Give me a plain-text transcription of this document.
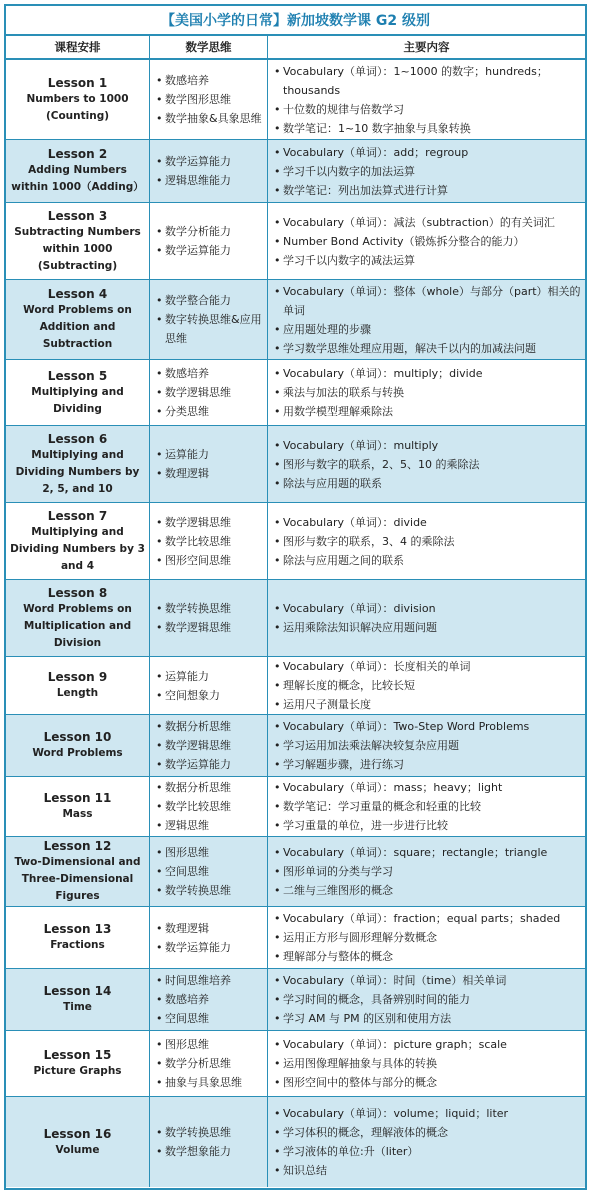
【美国小学的日常】新加坡数学课 G2 级别
课程安排	数学思维	主要内容
Lesson 1
Numbers to 1000 (Counting)
• 数感培养
• 数学图形思维
• 数学抽象&具象思维
• Vocabulary（单词）：1~1000 的数字；hundreds；thousands
• 十位数的规律与倍数学习
• 数学笔记：1~10 数字抽象与具象转换
Lesson 2
Adding Numbers within 1000（Adding）
• 数学运算能力
• 逻辑思维能力
• Vocabulary（单词）：add；regroup
• 学习千以内数字的加法运算
• 数学笔记：列出加法算式进行计算
Lesson 3
Subtracting Numbers within 1000 (Subtracting)
• 数学分析能力
• 数学运算能力
• Vocabulary（单词）：减法（subtraction）的有关词汇
• Number Bond Activity（锻炼拆分整合的能力）
• 学习千以内数字的减法运算
Lesson 4
Word Problems on Addition and Subtraction
• 数学整合能力
• 数字转换思维&应用思维
• Vocabulary（单词）：整体（whole）与部分（part）相关的单词
• 应用题处理的步骤
• 学习数学思维处理应用题，解决千以内的加减法问题
Lesson 5
Multiplying and Dividing
• 数感培养
• 数学逻辑思维
• 分类思维
• Vocabulary（单词）：multiply；divide
• 乘法与加法的联系与转换
• 用数学模型理解乘除法
Lesson 6
Multiplying and Dividing Numbers by 2, 5, and 10
• 运算能力
• 数理逻辑
• Vocabulary（单词）：multiply
• 图形与数字的联系，2、5、10 的乘除法
• 除法与应用题的联系
Lesson 7
Multiplying and Dividing Numbers by 3 and 4
• 数学逻辑思维
• 数学比较思维
• 图形空间思维
• Vocabulary（单词）：divide
• 图形与数字的联系，3、4 的乘除法
• 除法与应用题之间的联系
Lesson 8
Word Problems on Multiplication and Division
• 数学转换思维
• 数学逻辑思维
• Vocabulary（单词）：division
• 运用乘除法知识解决应用题问题
Lesson 9
Length
• 运算能力
• 空间想象力
• Vocabulary（单词）：长度相关的单词
• 理解长度的概念，比较长短
• 运用尺子测量长度
Lesson 10
Word Problems
• 数据分析思维
• 数学逻辑思维
• 数学运算能力
• Vocabulary（单词）：Two-Step Word Problems
• 学习运用加法乘法解决较复杂应用题
• 学习解题步骤，进行练习
Lesson 11
Mass
• 数据分析思维
• 数学比较思维
• 逻辑思维
• Vocabulary（单词）：mass；heavy；light
• 数学笔记：学习重量的概念和轻重的比较
• 学习重量的单位，进一步进行比较
Lesson 12
Two-Dimensional and Three-Dimensional Figures
• 图形思维
• 空间思维
• 数学转换思维
• Vocabulary（单词）：square；rectangle；triangle
• 图形单词的分类与学习
• 二维与三维图形的概念
Lesson 13
Fractions
• 数理逻辑
• 数学运算能力
• Vocabulary（单词）：fraction；equal parts；shaded
• 运用正方形与圆形理解分数概念
• 理解部分与整体的概念
Lesson 14
Time
• 时间思维培养
• 数感培养
• 空间思维
• Vocabulary（单词）：时间（time）相关单词
• 学习时间的概念，具备辨别时间的能力
• 学习 AM 与 PM 的区别和使用方法
Lesson 15
Picture Graphs
• 图形思维
• 数学分析思维
• 抽象与具象思维
• Vocabulary（单词）：picture graph；scale
• 运用图像理解抽象与具体的转换
• 图形空间中的整体与部分的概念
Lesson 16
Volume
• 数学转换思维
• 数学想象能力
• Vocabulary（单词）：volume；liquid；liter
• 学习体积的概念，理解液体的概念
• 学习液体的单位:升（liter）
• 知识总结
